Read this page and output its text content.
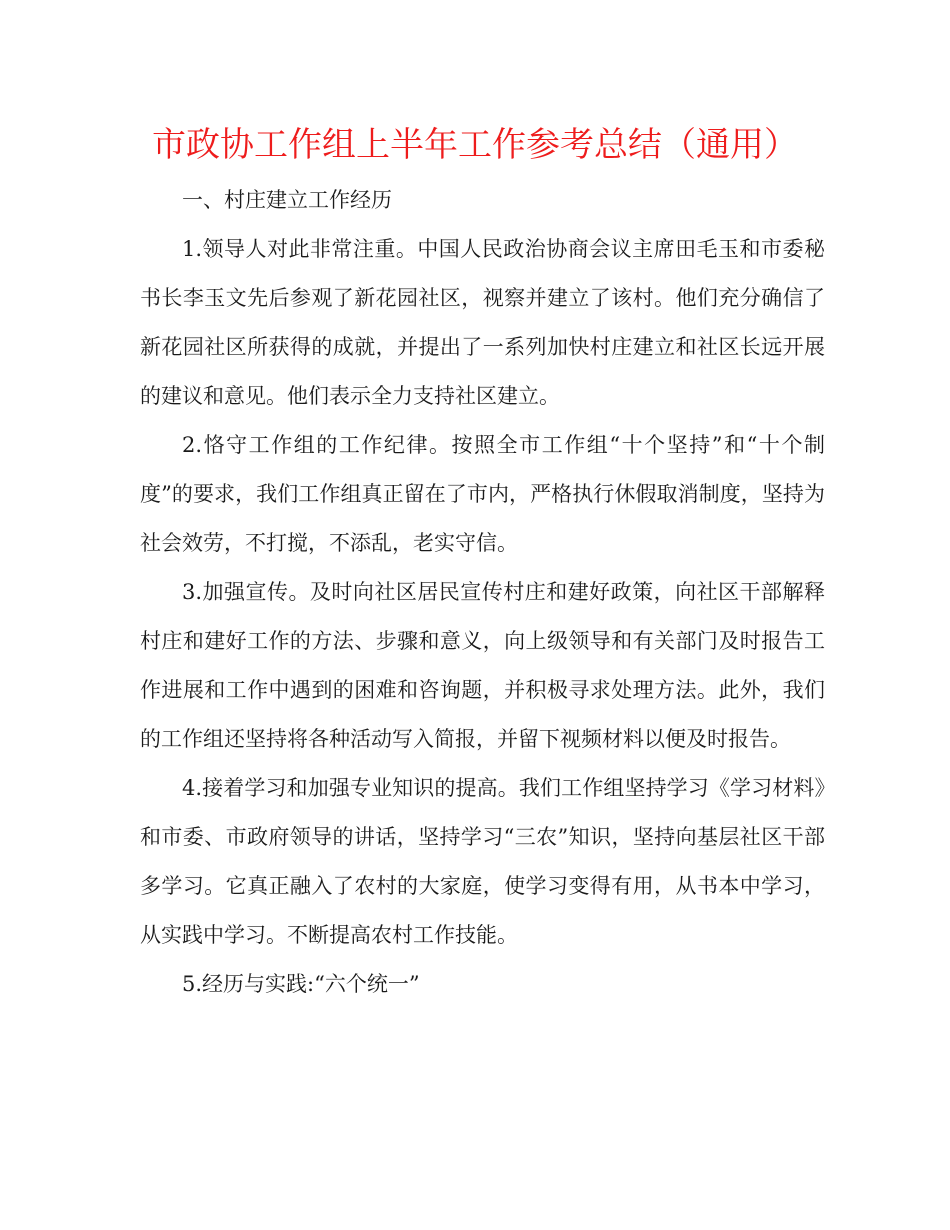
市政协工作组上半年工作参考总结（通用）

一、村庄建立工作经历

1.领导人对此非常注重。中国人民政治协商会议主席田毛玉和市委秘书长李玉文先后参观了新花园社区，视察并建立了该村。他们充分确信了新花园社区所获得的成就，并提出了一系列加快村庄建立和社区长远开展的建议和意见。他们表示全力支持社区建立。

2.恪守工作组的工作纪律。按照全市工作组“十个坚持”和“十个制度”的要求，我们工作组真正留在了市内，严格执行休假取消制度，坚持为社会效劳，不打搅，不添乱，老实守信。

3.加强宣传。及时向社区居民宣传村庄和建好政策，向社区干部解释村庄和建好工作的方法、步骤和意义，向上级领导和有关部门及时报告工作进展和工作中遇到的困难和咨询题，并积极寻求处理方法。此外，我们的工作组还坚持将各种活动写入简报，并留下视频材料以便及时报告。

4.接着学习和加强专业知识的提高。我们工作组坚持学习《学习材料》和市委、市政府领导的讲话，坚持学习“三农”知识，坚持向基层社区干部多学习。它真正融入了农村的大家庭，使学习变得有用，从书本中学习，从实践中学习。不断提高农村工作技能。

5.经历与实践:“六个统一”
